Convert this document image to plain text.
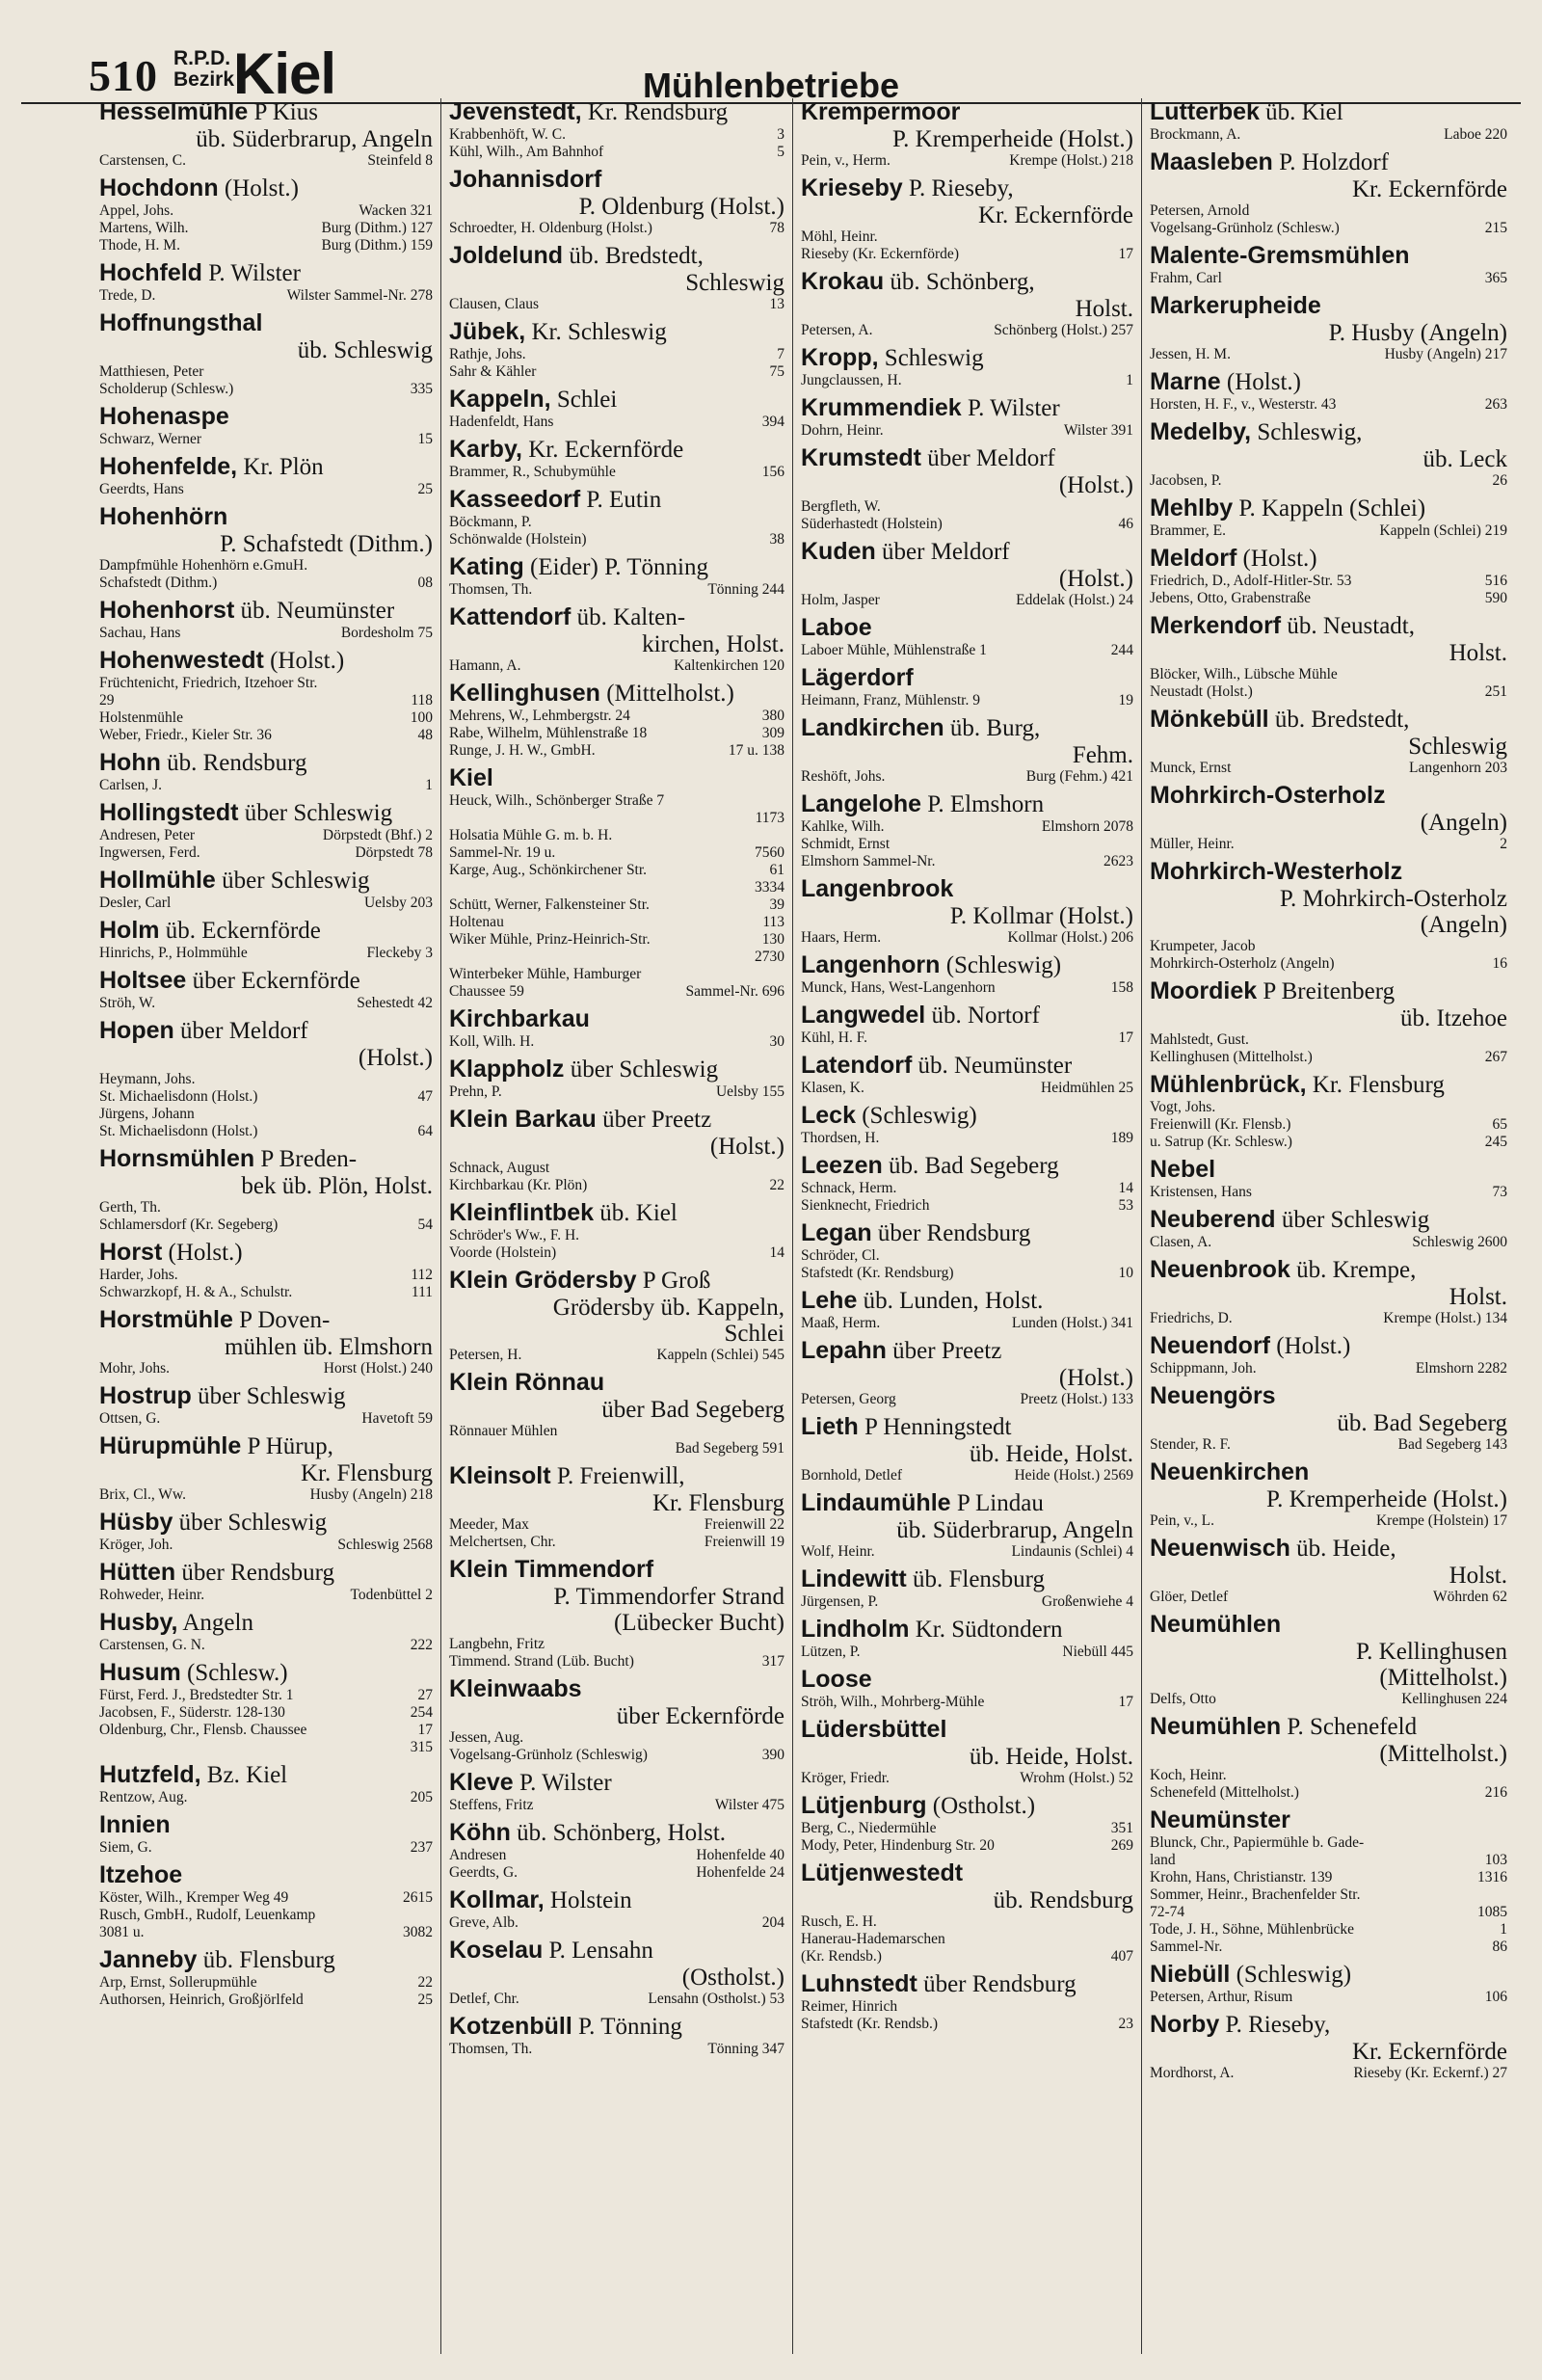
510 R.P.D.
Bezirk
Kiel	Mühlenbetriebe
Hesselmühle P Kius
üb. Süderbrarup, Angeln
Carstensen, C.	Steinfeld 8
Hochdonn (Holst.)
Appel, Johs.	Wacken 321
Martens, Wilh.	Burg (Dithm.) 127
Thode, H. M.	Burg (Dithm.) 159
Hochfeld P. Wilster
Trede, D.	Wilster Sammel-Nr. 278
Hoffnungsthal
üb. Schleswig
Matthiesen, Peter
Scholderup (Schlesw.)	335
Hohenaspe
Schwarz, Werner	15
Hohenfelde, Kr. Plön
Geerdts, Hans	25
Hohenhörn
P. Schafstedt (Dithm.)
Dampfmühle Hohenhörn e.GmuH.
Schafstedt (Dithm.)	08
Hohenhorst üb. Neumünster
Sachau, Hans	Bordesholm 75
Hohenwestedt (Holst.)
Früchtenicht, Friedrich, Itzehoer Str.
29	118
Holstenmühle	100
Weber, Friedr., Kieler Str. 36	48
Hohn üb. Rendsburg
Carlsen, J.	1
Hollingstedt über Schleswig
Andresen, Peter	Dörpstedt (Bhf.) 2
Ingwersen, Ferd.	Dörpstedt 78
Hollmühle über Schleswig
Desler, Carl	Uelsby 203
Holm üb. Eckernförde
Hinrichs, P., Holmmühle	Fleckeby 3
Holtsee über Eckernförde
Ströh, W.	Sehestedt 42
Hopen über Meldorf
(Holst.)
Heymann, Johs.
St. Michaelisdonn (Holst.)	47
Jürgens, Johann
St. Michaelisdonn (Holst.)	64
Hornsmühlen P Breden-
bek üb. Plön, Holst.
Gerth, Th.
Schlamersdorf (Kr. Segeberg)	54
Horst (Holst.)
Harder, Johs.	112
Schwarzkopf, H. & A., Schulstr.	111
Horstmühle P Doven-
mühlen üb. Elmshorn
Mohr, Johs.	Horst (Holst.) 240
Hostrup über Schleswig
Ottsen, G.	Havetoft 59
Hürupmühle P Hürup,
Kr. Flensburg
Brix, Cl., Ww.	Husby (Angeln) 218
Hüsby über Schleswig
Kröger, Joh.	Schleswig 2568
Hütten über Rendsburg
Rohweder, Heinr.	Todenbüttel 2
Husby, Angeln
Carstensen, G. N.	222
Husum (Schlesw.)
Fürst, Ferd. J., Bredstedter Str. 1	27
Jacobsen, F., Süderstr. 128-130	254
Oldenburg, Chr., Flensb. Chaussee	17
315
Hutzfeld, Bz. Kiel
Rentzow, Aug.	205
Innien
Siem, G.	237
Itzehoe
Köster, Wilh., Kremper Weg 49	2615
Rusch, GmbH., Rudolf, Leuenkamp
3081 u.	3082
Janneby üb. Flensburg
Arp, Ernst, Sollerupmühle	22
Authorsen, Heinrich, Großjörlfeld	25
Jevenstedt, Kr. Rendsburg
Krabbenhöft, W. C.	3
Kühl, Wilh., Am Bahnhof	5
Johannisdorf
P. Oldenburg (Holst.)
Schroedter, H. Oldenburg (Holst.)	78
Joldelund üb. Bredstedt,
Schleswig
Clausen, Claus	13
Jübek, Kr. Schleswig
Rathje, Johs.	7
Sahr & Kähler	75
Kappeln, Schlei
Hadenfeldt, Hans	394
Karby, Kr. Eckernförde
Brammer, R., Schubymühle	156
Kasseedorf P. Eutin
Böckmann, P.
Schönwalde (Holstein)	38
Kating (Eider) P. Tönning
Thomsen, Th.	Tönning 244
Kattendorf üb. Kalten-
kirchen, Holst.
Hamann, A.	Kaltenkirchen 120
Kellinghusen (Mittelholst.)
Mehrens, W., Lehmbergstr. 24	380
Rabe, Wilhelm, Mühlenstraße 18	309
Runge, J. H. W., GmbH.	17 u. 138
Kiel
Heuck, Wilh., Schönberger Straße 7
1173
Holsatia Mühle G. m. b. H.
Sammel-Nr. 19 u.	7560
Karge, Aug., Schönkirchener Str.	61
3334
Schütt, Werner, Falkensteiner Str.	39
Holtenau	113
Wiker Mühle, Prinz-Heinrich-Str.	130
2730
Winterbeker Mühle, Hamburger
Chaussee 59	Sammel-Nr. 696
Kirchbarkau
Koll, Wilh. H.	30
Klappholz über Schleswig
Prehn, P.	Uelsby 155
Klein Barkau über Preetz
(Holst.)
Schnack, August
Kirchbarkau (Kr. Plön)	22
Kleinflintbek üb. Kiel
Schröder's Ww., F. H.
Voorde (Holstein)	14
Klein Grödersby P Groß
Grödersby üb. Kappeln,
Schlei
Petersen, H.	Kappeln (Schlei) 545
Klein Rönnau
über Bad Segeberg
Rönnauer Mühlen
Bad Segeberg 591
Kleinsolt P. Freienwill,
Kr. Flensburg
Meeder, Max	Freienwill 22
Melchertsen, Chr.	Freienwill 19
Klein Timmendorf
P. Timmendorfer Strand
(Lübecker Bucht)
Langbehn, Fritz
Timmend. Strand (Lüb. Bucht)	317
Kleinwaabs
über Eckernförde
Jessen, Aug.
Vogelsang-Grünholz (Schleswig)	390
Kleve P. Wilster
Steffens, Fritz	Wilster 475
Köhn üb. Schönberg, Holst.
Andresen	Hohenfelde 40
Geerdts, G.	Hohenfelde 24
Kollmar, Holstein
Greve, Alb.	204
Koselau P. Lensahn
(Ostholst.)
Detlef, Chr.	Lensahn (Ostholst.) 53
Kotzenbüll P. Tönning
Thomsen, Th.	Tönning 347
Krempermoor
P. Kremperheide (Holst.)
Pein, v., Herm.	Krempe (Holst.) 218
Krieseby P. Rieseby,
Kr. Eckernförde
Möhl, Heinr.
Rieseby (Kr. Eckernförde)	17
Krokau üb. Schönberg,
Holst.
Petersen, A.	Schönberg (Holst.) 257
Kropp, Schleswig
Jungclaussen, H.	1
Krummendiek P. Wilster
Dohrn, Heinr.	Wilster 391
Krumstedt über Meldorf
(Holst.)
Bergfleth, W.
Süderhastedt (Holstein)	46
Kuden über Meldorf
(Holst.)
Holm, Jasper	Eddelak (Holst.) 24
Laboe
Laboer Mühle, Mühlenstraße 1	244
Lägerdorf
Heimann, Franz, Mühlenstr. 9	19
Landkirchen üb. Burg,
Fehm.
Reshöft, Johs.	Burg (Fehm.) 421
Langelohe P. Elmshorn
Kahlke, Wilh.	Elmshorn 2078
Schmidt, Ernst
Elmshorn Sammel-Nr.	2623
Langenbrook
P. Kollmar (Holst.)
Haars, Herm.	Kollmar (Holst.) 206
Langenhorn (Schleswig)
Munck, Hans, West-Langenhorn	158
Langwedel üb. Nortorf
Kühl, H. F.	17
Latendorf üb. Neumünster
Klasen, K.	Heidmühlen 25
Leck (Schleswig)
Thordsen, H.	189
Leezen üb. Bad Segeberg
Schnack, Herm.	14
Sienknecht, Friedrich	53
Legan über Rendsburg
Schröder, Cl.
Stafstedt (Kr. Rendsburg)	10
Lehe üb. Lunden, Holst.
Maaß, Herm.	Lunden (Holst.) 341
Lepahn über Preetz
(Holst.)
Petersen, Georg	Preetz (Holst.) 133
Lieth P Henningstedt
üb. Heide, Holst.
Bornhold, Detlef	Heide (Holst.) 2569
Lindaumühle P Lindau
üb. Süderbrarup, Angeln
Wolf, Heinr.	Lindaunis (Schlei) 4
Lindewitt üb. Flensburg
Jürgensen, P.	Großenwiehe 4
Lindholm Kr. Südtondern
Lützen, P.	Niebüll 445
Loose
Ströh, Wilh., Mohrberg-Mühle	17
Lüdersbüttel
üb. Heide, Holst.
Kröger, Friedr.	Wrohm (Holst.) 52
Lütjenburg (Ostholst.)
Berg, C., Niedermühle	351
Mody, Peter, Hindenburg Str. 20	269
Lütjenwestedt
üb. Rendsburg
Rusch, E. H.
Hanerau-Hademarschen
(Kr. Rendsb.)	407
Luhnstedt über Rendsburg
Reimer, Hinrich
Stafstedt (Kr. Rendsb.)	23
Lutterbek üb. Kiel
Brockmann, A.	Laboe 220
Maasleben P. Holzdorf
Kr. Eckernförde
Petersen, Arnold
Vogelsang-Grünholz (Schlesw.)	215
Malente-Gremsmühlen
Frahm, Carl	365
Markerupheide
P. Husby (Angeln)
Jessen, H. M.	Husby (Angeln) 217
Marne (Holst.)
Horsten, H. F., v., Westerstr. 43	263
Medelby, Schleswig,
üb. Leck
Jacobsen, P.	26
Mehlby P. Kappeln (Schlei)
Brammer, E.	Kappeln (Schlei) 219
Meldorf (Holst.)
Friedrich, D., Adolf-Hitler-Str. 53	516
Jebens, Otto, Grabenstraße	590
Merkendorf üb. Neustadt,
Holst.
Blöcker, Wilh., Lübsche Mühle
Neustadt (Holst.)	251
Mönkebüll üb. Bredstedt,
Schleswig
Munck, Ernst	Langenhorn 203
Mohrkirch-Osterholz
(Angeln)
Müller, Heinr.	2
Mohrkirch-Westerholz
P. Mohrkirch-Osterholz
(Angeln)
Krumpeter, Jacob
Mohrkirch-Osterholz (Angeln)	16
Moordiek P Breitenberg
üb. Itzehoe
Mahlstedt, Gust.
Kellinghusen (Mittelholst.)	267
Mühlenbrück, Kr. Flensburg
Vogt, Johs.
Freienwill (Kr. Flensb.)	65
u. Satrup (Kr. Schlesw.)	245
Nebel
Kristensen, Hans	73
Neuberend über Schleswig
Clasen, A.	Schleswig 2600
Neuenbrook üb. Krempe,
Holst.
Friedrichs, D.	Krempe (Holst.) 134
Neuendorf (Holst.)
Schippmann, Joh.	Elmshorn 2282
Neuengörs
üb. Bad Segeberg
Stender, R. F.	Bad Segeberg 143
Neuenkirchen
P. Kremperheide (Holst.)
Pein, v., L.	Krempe (Holstein) 17
Neuenwisch üb. Heide,
Holst.
Glöer, Detlef	Wöhrden 62
Neumühlen
P. Kellinghusen
(Mittelholst.)
Delfs, Otto	Kellinghusen 224
Neumühlen P. Schenefeld
(Mittelholst.)
Koch, Heinr.
Schenefeld (Mittelholst.)	216
Neumünster
Blunck, Chr., Papiermühle b. Gade-
land	103
Krohn, Hans, Christianstr. 139	1316
Sommer, Heinr., Brachenfelder Str.
72-74	1085
Tode, J. H., Söhne, Mühlenbrücke	1
Sammel-Nr.	86
Niebüll (Schleswig)
Petersen, Arthur, Risum	106
Norby P. Rieseby,
Kr. Eckernförde
Mordhorst, A.	Rieseby (Kr. Eckernf.) 27
